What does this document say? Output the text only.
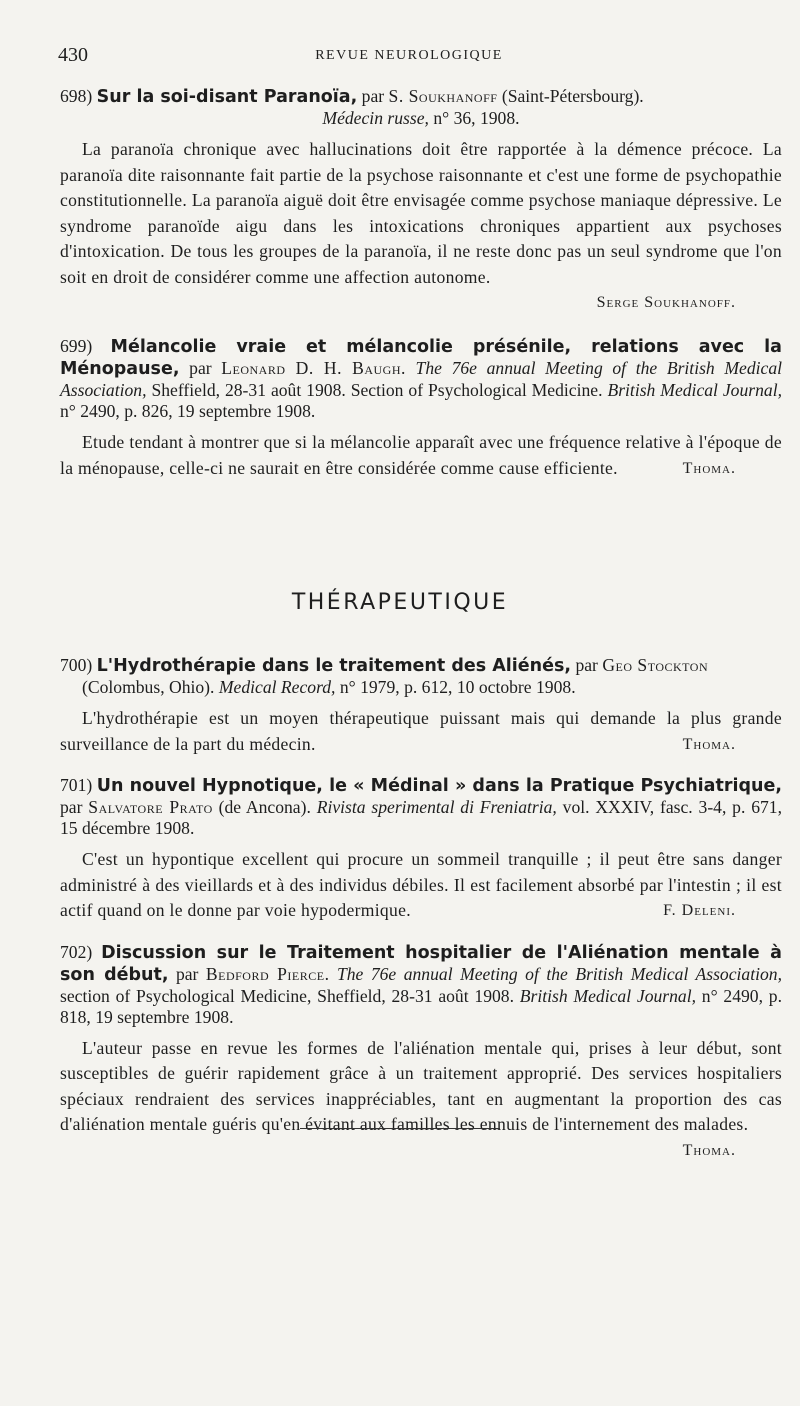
430	REVUE NEUROLOGIQUE

698) Sur la soi-disant Paranoïa, par S. Soukhanoff (Saint-Pétersbourg).
Médecin russe, n° 36, 1908.

La paranoïa chronique avec hallucinations doit être rapportée à la démence précoce. La paranoïa dite raisonnante fait partie de la psychose raisonnante et c'est une forme de psychopathie constitutionnelle. La paranoïa aiguë doit être envisagée comme psychose maniaque dépressive. Le syndrome paranoïde aigu dans les intoxications chroniques appartient aux psychoses d'intoxication. De tous les groupes de la paranoïa, il ne reste donc pas un seul syndrome que l'on soit en droit de considérer comme une affection autonome.

Serge Soukhanoff.

699) Mélancolie vraie et mélancolie présénile, relations avec la Ménopause, par Leonard D. H. Baugh. The 76e annual Meeting of the British Medical Association, Sheffield, 28-31 août 1908. Section of Psychological Medicine. British Medical Journal, n° 2490, p. 826, 19 septembre 1908.

Etude tendant à montrer que si la mélancolie apparaît avec une fréquence relative à l'époque de la ménopause, celle-ci ne saurait en être considérée comme cause efficiente.	Thoma.

THÉRAPEUTIQUE

700) L'Hydrothérapie dans le traitement des Aliénés, par Geo Stockton
(Colombus, Ohio). Medical Record, n° 1979, p. 612, 10 octobre 1908.

L'hydrothérapie est un moyen thérapeutique puissant mais qui demande la plus grande surveillance de la part du médecin.	Thoma.

701) Un nouvel Hypnotique, le « Médinal » dans la Pratique Psychiatrique, par Salvatore Prato (de Ancona). Rivista sperimental di Freniatria, vol. XXXIV, fasc. 3-4, p. 671, 15 décembre 1908.

C'est un hypontique excellent qui procure un sommeil tranquille ; il peut être sans danger administré à des vieillards et à des individus débiles. Il est facilement absorbé par l'intestin ; il est actif quand on le donne par voie hypodermique.	F. Deleni.

702) Discussion sur le Traitement hospitalier de l'Aliénation mentale à son début, par Bedford Pierce. The 76e annual Meeting of the British Medical Association, section of Psychological Medicine, Sheffield, 28-31 août 1908. British Medical Journal, n° 2490, p. 818, 19 septembre 1908.

L'auteur passe en revue les formes de l'aliénation mentale qui, prises à leur début, sont susceptibles de guérir rapidement grâce à un traitement approprié. Des services hospitaliers spéciaux rendraient des services inappréciables, tant en augmentant la proportion des cas d'aliénation mentale guéris qu'en évitant aux familles les ennuis de l'internement des malades.
Thoma.
